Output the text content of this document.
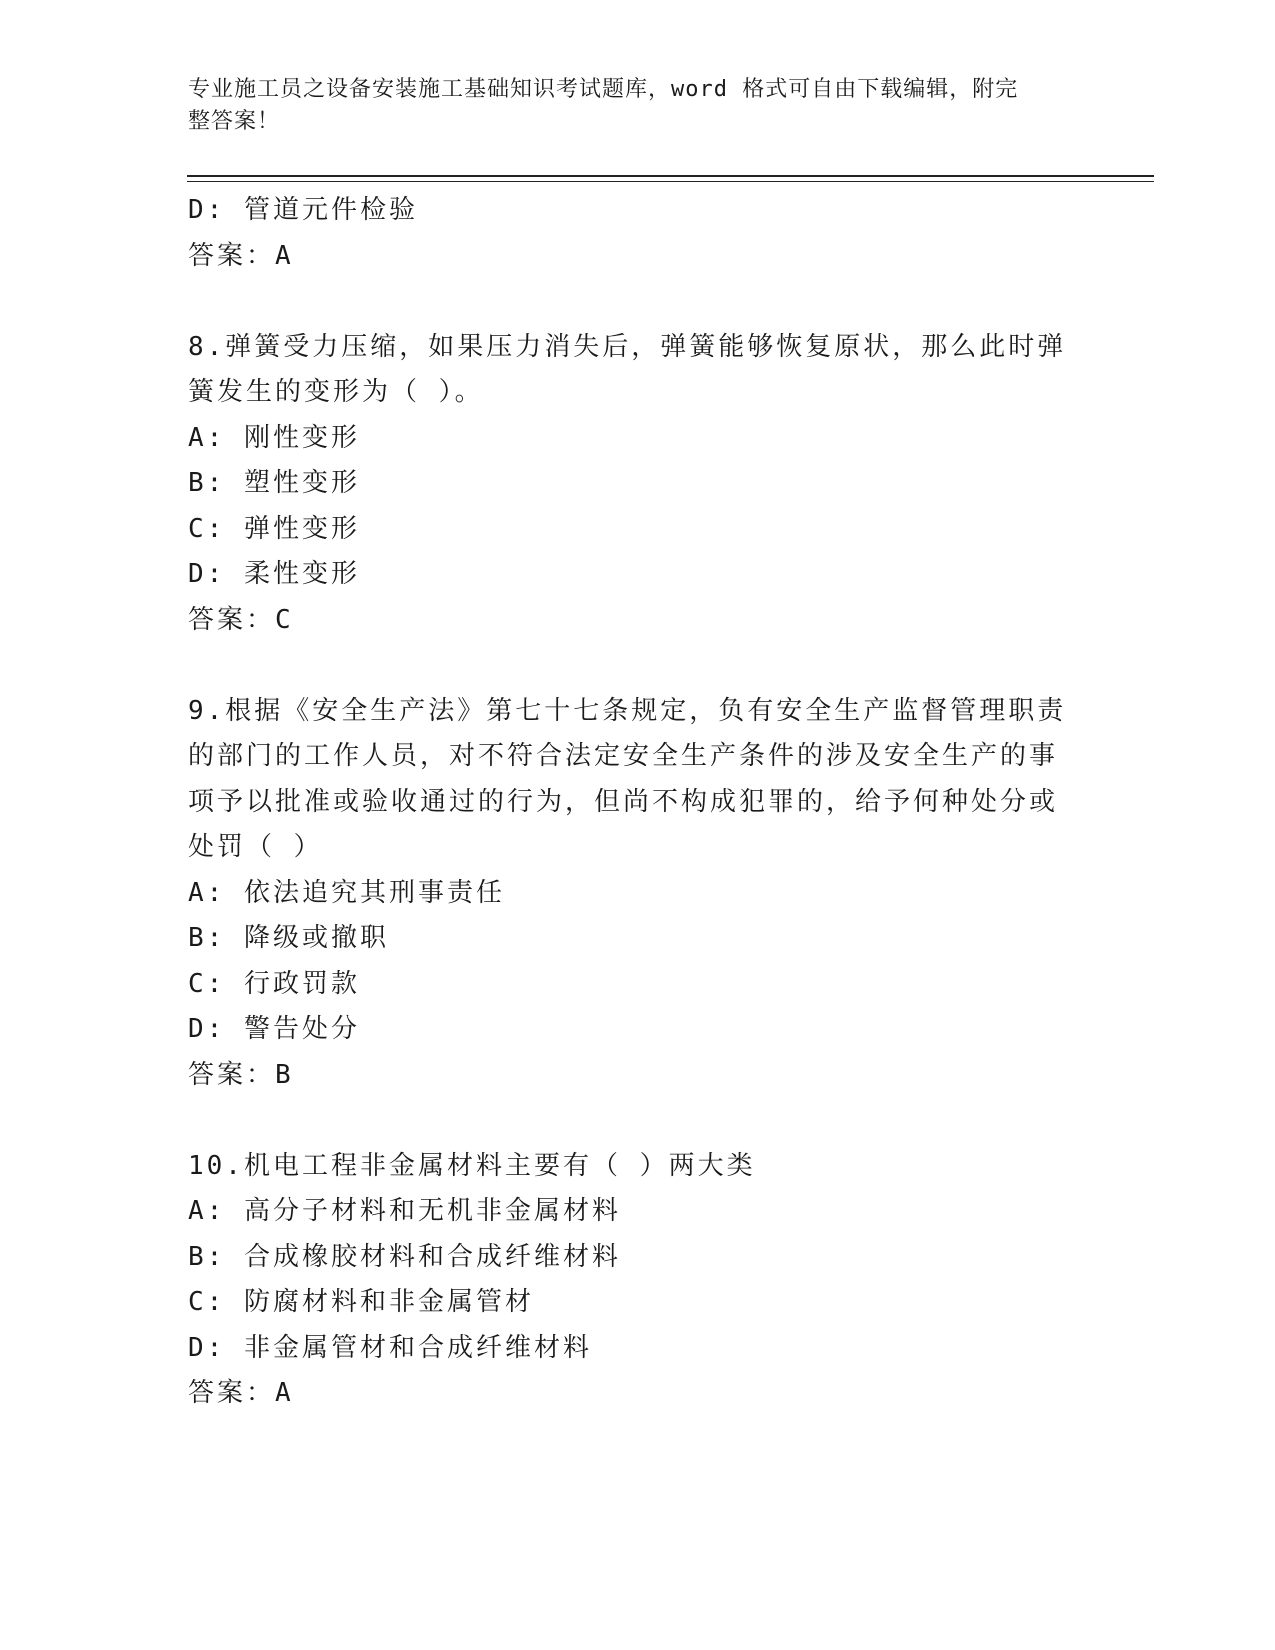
专业施工员之设备安装施工基础知识考试题库，word 格式可自由下载编辑，附完
整答案！
D: 管道元件检验
答案：A
8.弹簧受力压缩，如果压力消失后，弹簧能够恢复原状，那么此时弹
簧发生的变形为（ ）。
A: 刚性变形
B: 塑性变形
C: 弹性变形
D: 柔性变形
答案：C
9.根据《安全生产法》第七十七条规定，负有安全生产监督管理职责
的部门的工作人员，对不符合法定安全生产条件的涉及安全生产的事
项予以批准或验收通过的行为，但尚不构成犯罪的，给予何种处分或
处罚（ ）
A: 依法追究其刑事责任
B: 降级或撤职
C: 行政罚款
D: 警告处分
答案：B
10.机电工程非金属材料主要有（ ）两大类
A: 高分子材料和无机非金属材料
B: 合成橡胶材料和合成纤维材料
C: 防腐材料和非金属管材
D: 非金属管材和合成纤维材料
答案：A
